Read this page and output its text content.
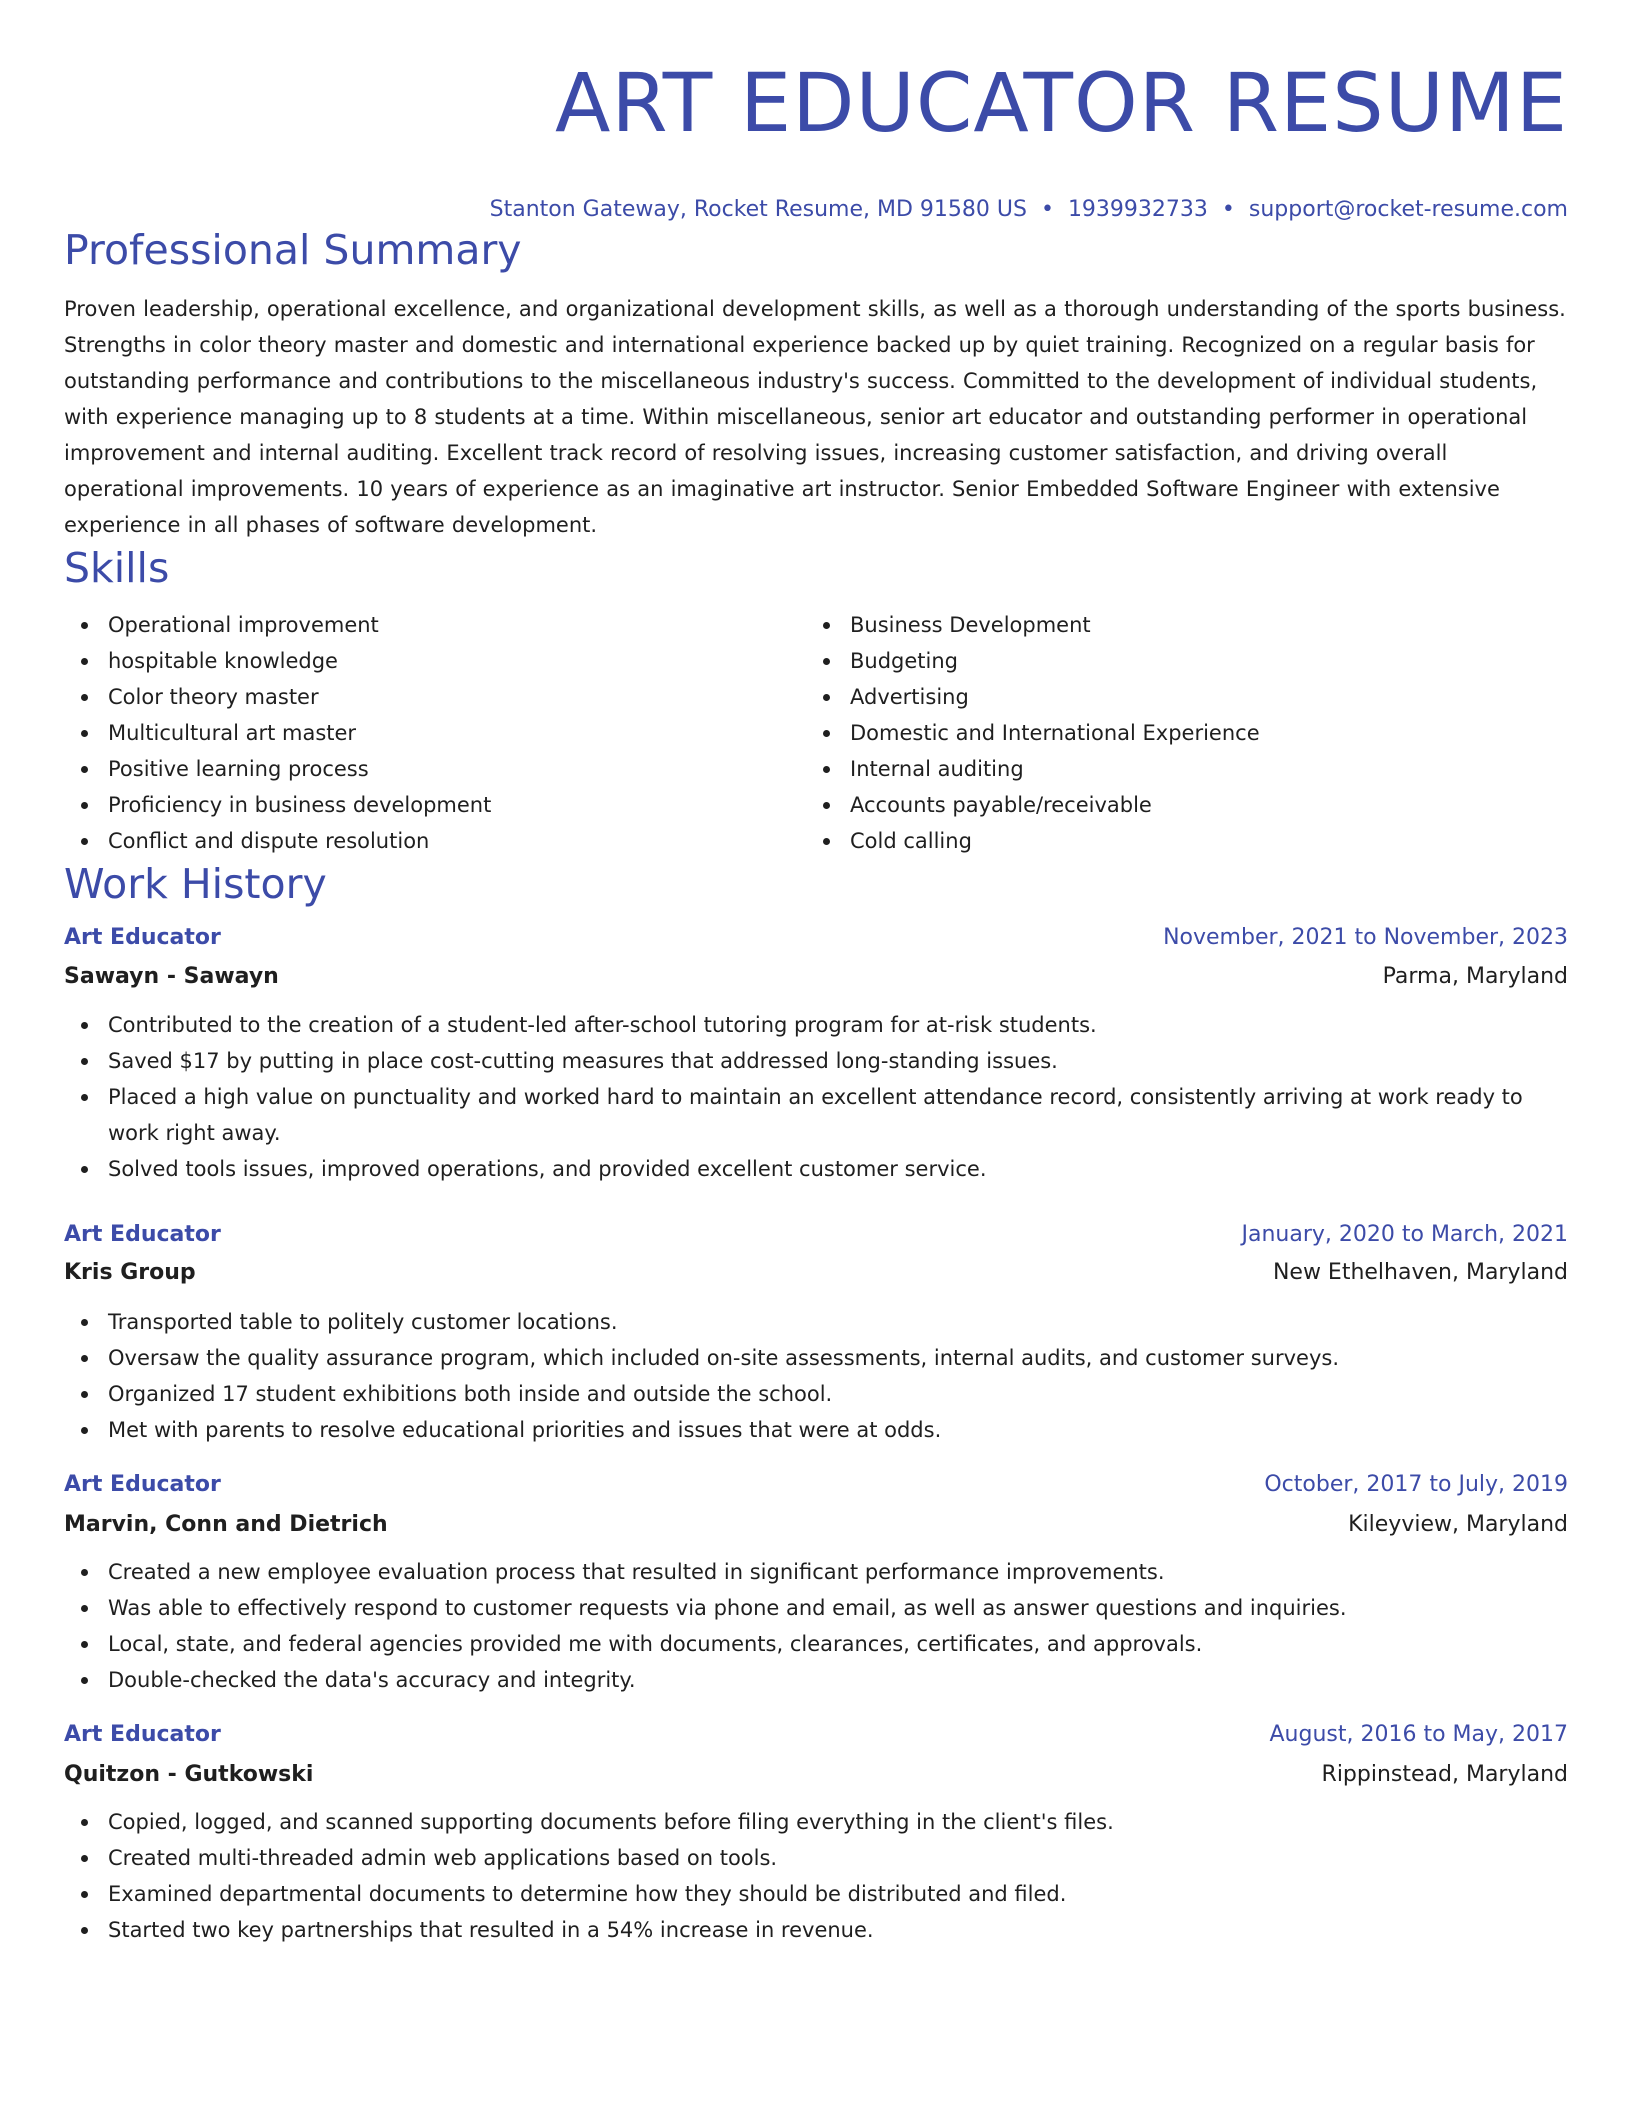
ART EDUCATOR RESUME
Stanton Gateway, Rocket Resume, MD 91580 US • 1939932733 • support@rocket-resume.com
Professional Summary
Proven leadership, operational excellence, and organizational development skills, as well as a thorough understanding of the sports business. Strengths in color theory master and domestic and international experience backed up by quiet training. Recognized on a regular basis for outstanding performance and contributions to the miscellaneous industry's success. Committed to the development of individual students, with experience managing up to 8 students at a time. Within miscellaneous, senior art educator and outstanding performer in operational improvement and internal auditing. Excellent track record of resolving issues, increasing customer satisfaction, and driving overall operational improvements. 10 years of experience as an imaginative art instructor. Senior Embedded Software Engineer with extensive experience in all phases of software development.
Skills
Operational improvement
hospitable knowledge
Color theory master
Multicultural art master
Positive learning process
Proficiency in business development
Conflict and dispute resolution
Business Development
Budgeting
Advertising
Domestic and International Experience
Internal auditing
Accounts payable/receivable
Cold calling
Work History
Art Educator	November, 2021 to November, 2023
Sawayn - Sawayn	Parma, Maryland
Contributed to the creation of a student-led after-school tutoring program for at-risk students.
Saved $17 by putting in place cost-cutting measures that addressed long-standing issues.
Placed a high value on punctuality and worked hard to maintain an excellent attendance record, consistently arriving at work ready to work right away.
Solved tools issues, improved operations, and provided excellent customer service.
Art Educator	January, 2020 to March, 2021
Kris Group	New Ethelhaven, Maryland
Transported table to politely customer locations.
Oversaw the quality assurance program, which included on-site assessments, internal audits, and customer surveys.
Organized 17 student exhibitions both inside and outside the school.
Met with parents to resolve educational priorities and issues that were at odds.
Art Educator	October, 2017 to July, 2019
Marvin, Conn and Dietrich	Kileyview, Maryland
Created a new employee evaluation process that resulted in significant performance improvements.
Was able to effectively respond to customer requests via phone and email, as well as answer questions and inquiries.
Local, state, and federal agencies provided me with documents, clearances, certificates, and approvals.
Double-checked the data's accuracy and integrity.
Art Educator	August, 2016 to May, 2017
Quitzon - Gutkowski	Rippinstead, Maryland
Copied, logged, and scanned supporting documents before filing everything in the client's files.
Created multi-threaded admin web applications based on tools.
Examined departmental documents to determine how they should be distributed and filed.
Started two key partnerships that resulted in a 54% increase in revenue.
